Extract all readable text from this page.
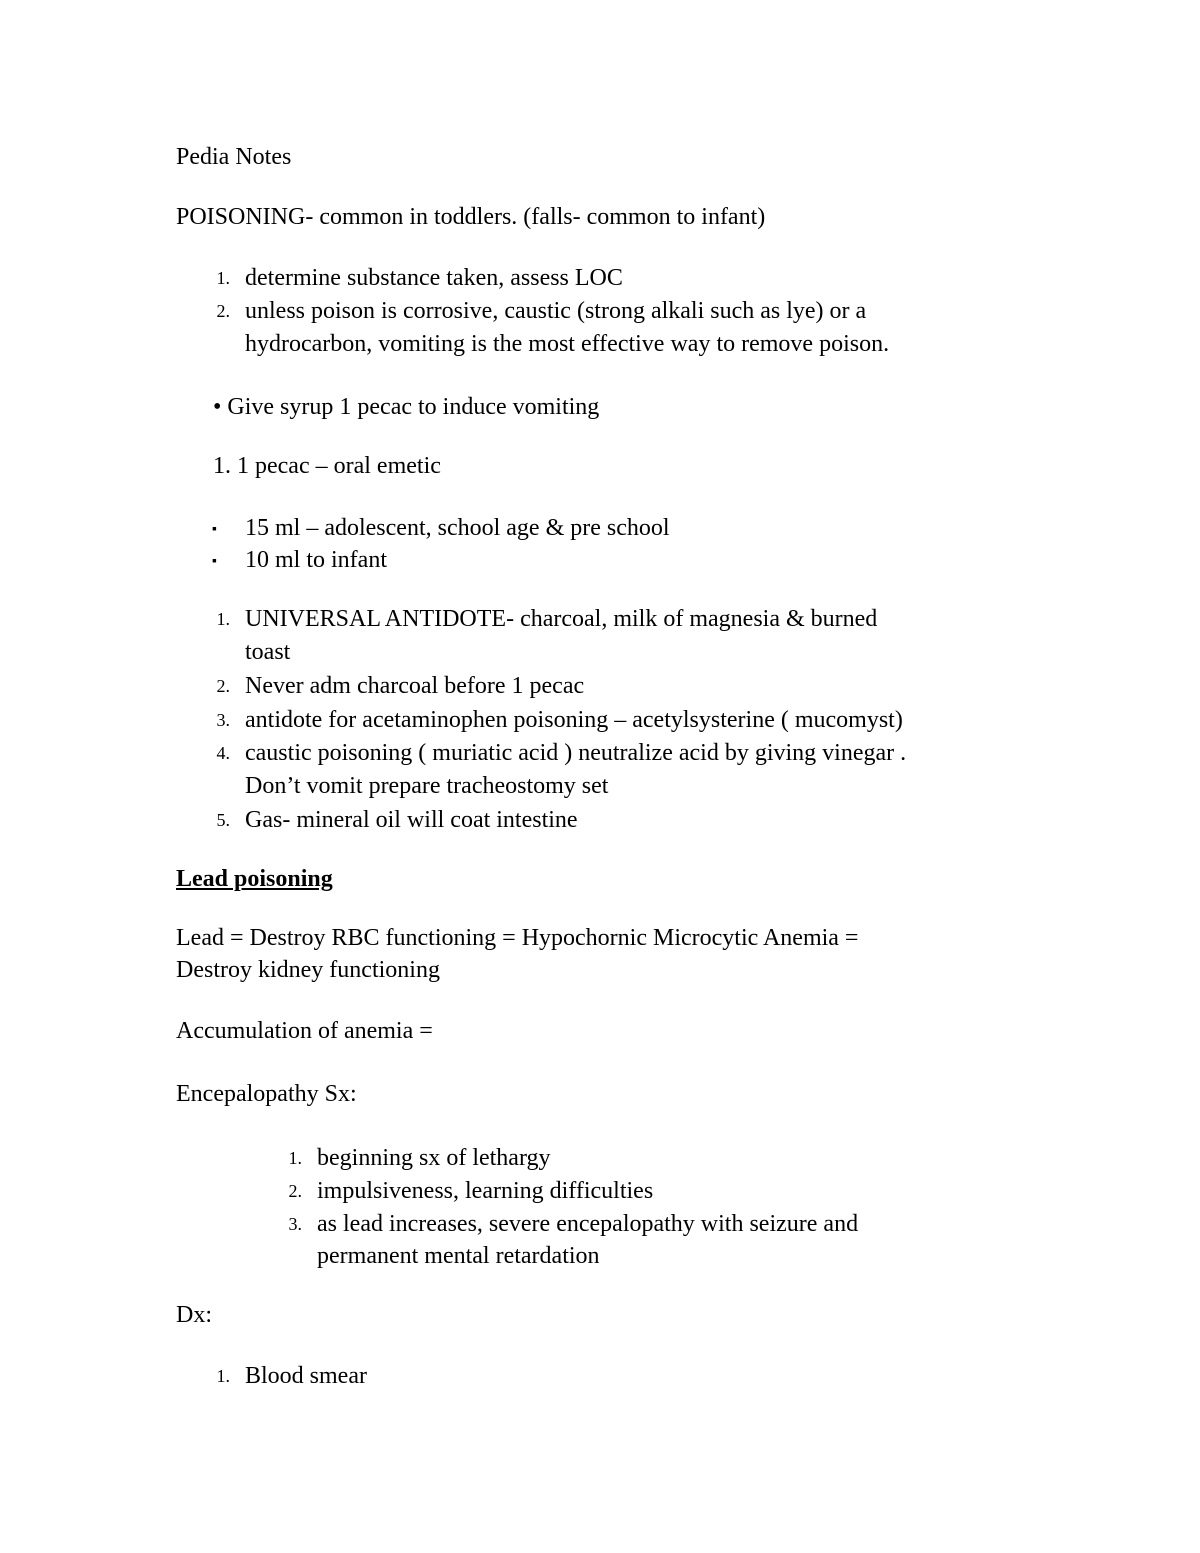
Pedia Notes
POISONING- common in toddlers. (falls- common to infant)
1. determine substance taken, assess LOC
2. unless poison is corrosive, caustic (strong alkali such as lye) or a
hydrocarbon, vomiting is the most effective way to remove poison.
• Give syrup 1 pecac to induce vomiting
1. 1 pecac – oral emetic
▪ 15 ml – adolescent, school age & pre school
▪ 10 ml to infant
1. UNIVERSAL ANTIDOTE- charcoal, milk of magnesia & burned
toast
2. Never adm charcoal before 1 pecac
3. antidote for acetaminophen poisoning – acetylsysterine ( mucomyst)
4. caustic poisoning ( muriatic acid ) neutralize acid by giving vinegar .
Don’t vomit prepare tracheostomy set
5. Gas- mineral oil will coat intestine
Lead poisoning
Lead = Destroy RBC functioning = Hypochornic Microcytic Anemia =
Destroy kidney functioning
Accumulation of anemia =
Encepalopathy Sx:
1. beginning sx of lethargy
2. impulsiveness, learning difficulties
3. as lead increases, severe encepalopathy with seizure and
permanent mental retardation
Dx:
1. Blood smear
